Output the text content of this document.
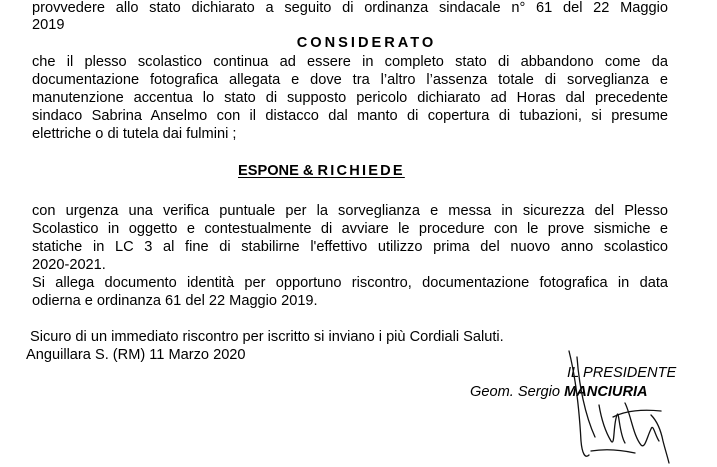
provvedere allo stato dichiarato a seguito di ordinanza sindacale n° 61 del 22 Maggio
2019
CONSIDERATO
che il plesso scolastico continua ad essere in completo stato di abbandono come da
documentazione fotografica allegata e dove tra l’altro l’assenza totale di sorveglianza e
manutenzione accentua lo stato di supposto pericolo dichiarato ad Horas dal precedente
sindaco Sabrina Anselmo con il distacco dal manto di copertura di tubazioni, si presume
elettriche o di tutela dai fulmini ;
ESPONE & RICHIEDE
con urgenza una verifica puntuale per la sorveglianza e messa in sicurezza del Plesso
Scolastico in oggetto e contestualmente di avviare le procedure con le prove sismiche e
statiche in LC 3 al fine di stabilirne l'effettivo utilizzo prima del nuovo anno scolastico
2020-2021.
Si allega documento identità per opportuno riscontro, documentazione fotografica in data
odierna e ordinanza 61 del 22 Maggio 2019.
Sicuro di un immediato riscontro per iscritto si inviano i più Cordiali Saluti.
Anguillara S. (RM) 11 Marzo 2020
IL PRESIDENTE
Geom. Sergio MANCIURIA
